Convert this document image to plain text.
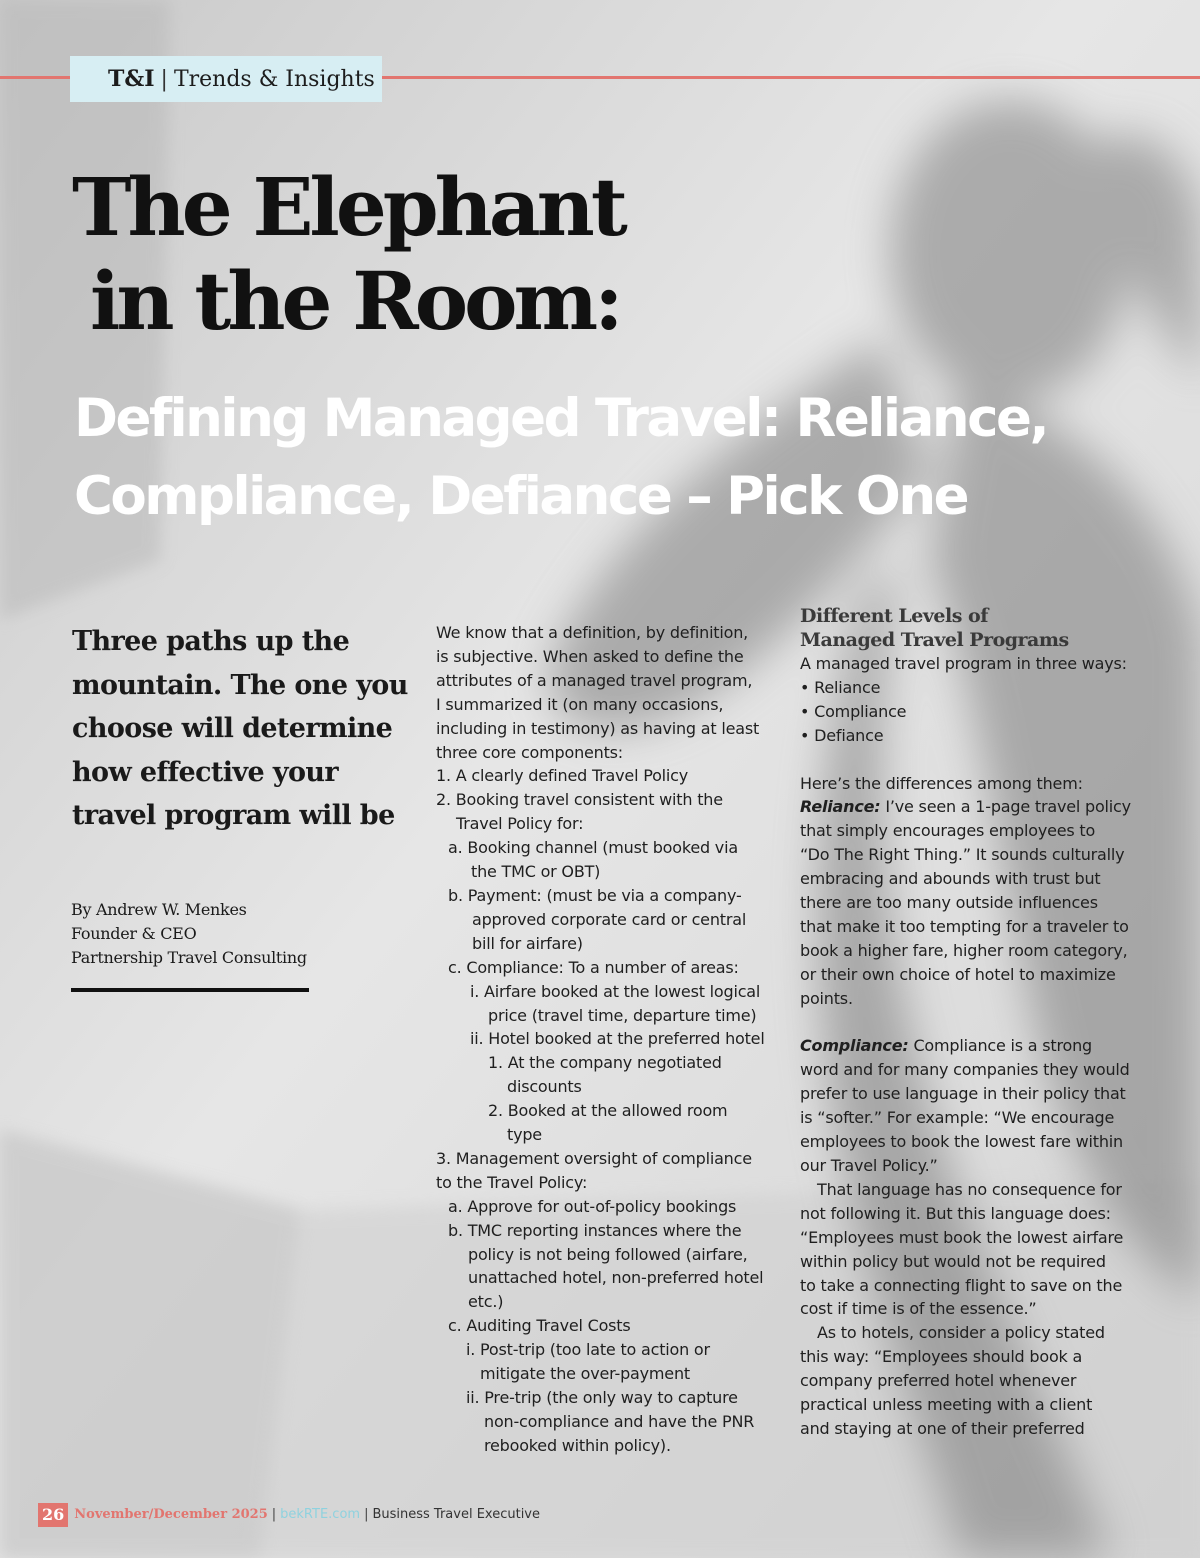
T&I | Trends & Insights
The Elephant
in the Room:
Defining Managed Travel: Reliance,
Compliance, Defiance – Pick One
Three paths up the
mountain. The one you
choose will determine
how effective your
travel program will be
By Andrew W. Menkes
Founder & CEO
Partnership Travel Consulting
We know that a definition, by definition,
is subjective. When asked to define the
attributes of a managed travel program,
I summarized it (on many occasions,
including in testimony) as having at least
three core components:
1. A clearly defined Travel Policy
2. Booking travel consistent with the
Travel Policy for:
a. Booking channel (must booked via
the TMC or OBT)
b. Payment: (must be via a company-
approved corporate card or central
bill for airfare)
c. Compliance: To a number of areas:
i. Airfare booked at the lowest logical
price (travel time, departure time)
ii. Hotel booked at the preferred hotel
1. At the company negotiated
discounts
2. Booked at the allowed room
type
3. Management oversight of compliance
to the Travel Policy:
a. Approve for out-of-policy bookings
b. TMC reporting instances where the
policy is not being followed (airfare,
unattached hotel, non-preferred hotel
etc.)
c. Auditing Travel Costs
i. Post-trip (too late to action or
mitigate the over-payment
ii. Pre-trip (the only way to capture
non-compliance and have the PNR
rebooked within policy).
Different Levels of
Managed Travel Programs
A managed travel program in three ways:
• Reliance
• Compliance
• Defiance
Here’s the differences among them:
Reliance: I’ve seen a 1-page travel policy
that simply encourages employees to
“Do The Right Thing.” It sounds culturally
embracing and abounds with trust but
there are too many outside influences
that make it too tempting for a traveler to
book a higher fare, higher room category,
or their own choice of hotel to maximize
points.
Compliance: Compliance is a strong
word and for many companies they would
prefer to use language in their policy that
is “softer.” For example: “We encourage
employees to book the lowest fare within
our Travel Policy.”
That language has no consequence for
not following it. But this language does:
“Employees must book the lowest airfare
within policy but would not be required
to take a connecting flight to save on the
cost if time is of the essence.”
As to hotels, consider a policy stated
this way: “Employees should book a
company preferred hotel whenever
practical unless meeting with a client
and staying at one of their preferred
26 November/December 2025 | bekRTE.com | Business Travel Executive
